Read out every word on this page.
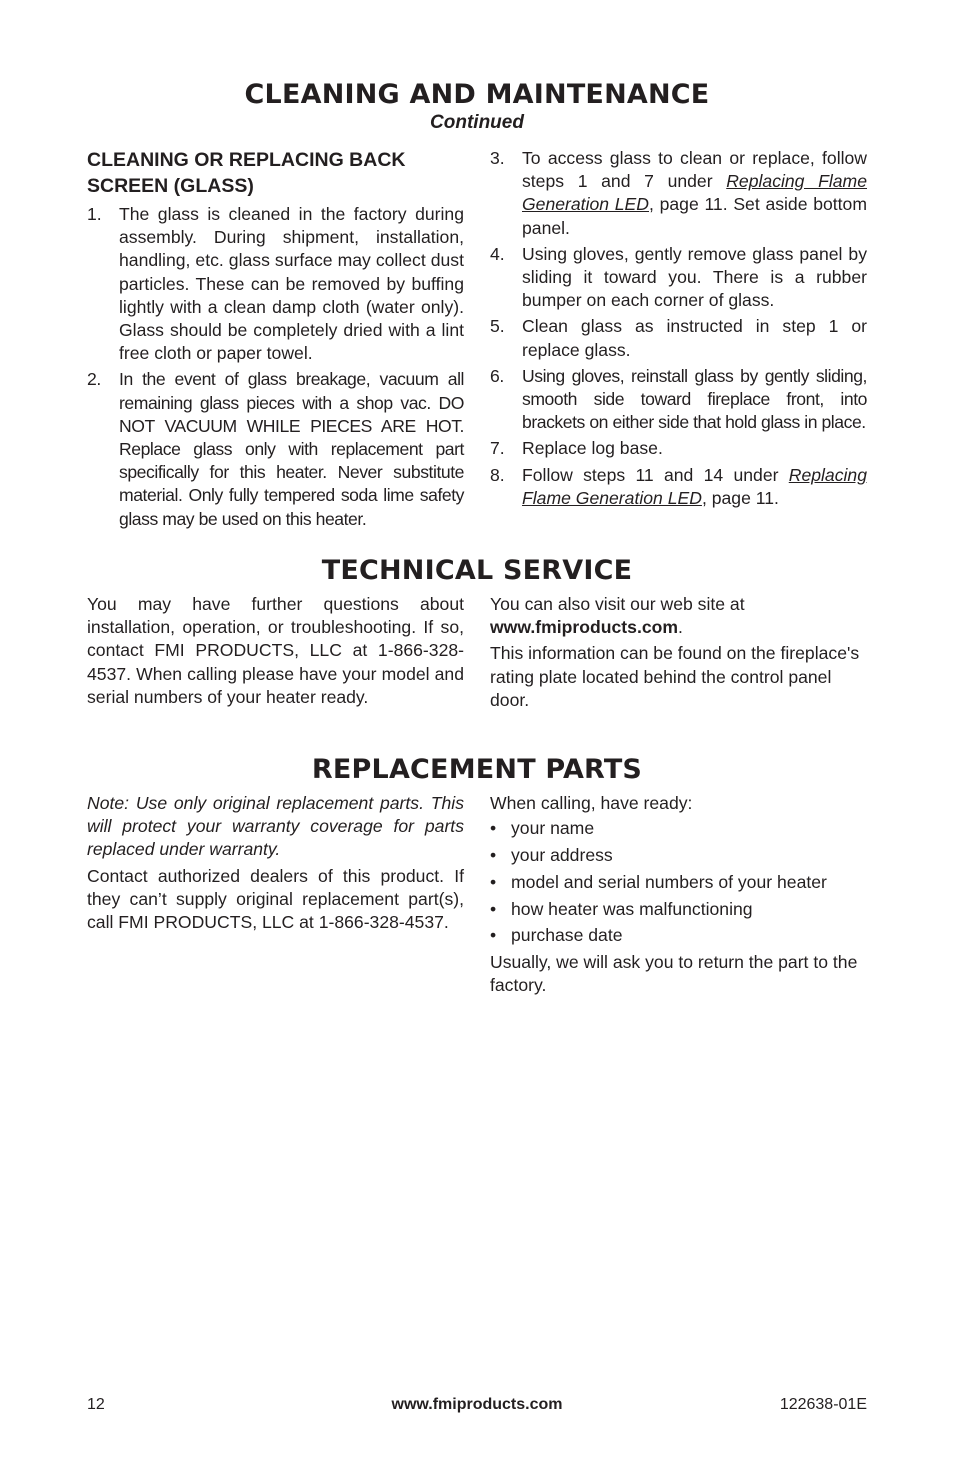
CLEANING AND MAINTENANCE
Continued
CLEANING OR REPLACING BACK SCREEN (GLASS)
1. The glass is cleaned in the factory during assembly. During shipment, installation, handling, etc. glass surface may collect dust particles. These can be removed by buffing lightly with a clean damp cloth (water only). Glass should be completely dried with a lint free cloth or paper towel.
2. In the event of glass breakage, vacuum all remaining glass pieces with a shop vac. DO NOT VACUUM WHILE PIECES ARE HOT. Replace glass only with replacement part specifically for this heater. Never substitute material. Only fully tempered soda lime safety glass may be used on this heater.
3. To access glass to clean or replace, follow steps 1 and 7 under Replacing Flame Generation LED, page 11. Set aside bottom panel.
4. Using gloves, gently remove glass panel by sliding it toward you. There is a rubber bumper on each corner of glass.
5. Clean glass as instructed in step 1 or replace glass.
6. Using gloves, reinstall glass by gently sliding, smooth side toward fireplace front, into brackets on either side that hold glass in place.
7. Replace log base.
8. Follow steps 11 and 14 under Replacing Flame Generation LED, page 11.
TECHNICAL SERVICE

You may have further questions about installation, operation, or troubleshooting. If so, contact FMI PRODUCTS, LLC at 1-866-328-4537. When calling please have your model and serial numbers of your heater ready.

You can also visit our web site at
www.fmiproducts.com.

This information can be found on the fireplace's rating plate located behind the control panel door.

REPLACEMENT PARTS

Note: Use only original replacement parts. This will protect your warranty coverage for parts replaced under warranty.

Contact authorized dealers of this product. If they can’t supply original replacement part(s), call FMI PRODUCTS, LLC at 1-866-328-4537.

When calling, have ready:

• your name
• your address
• model and serial numbers of your heater
• how heater was malfunctioning
• purchase date

Usually, we will ask you to return the part to the factory.

12	www.fmiproducts.com	122638-01E
